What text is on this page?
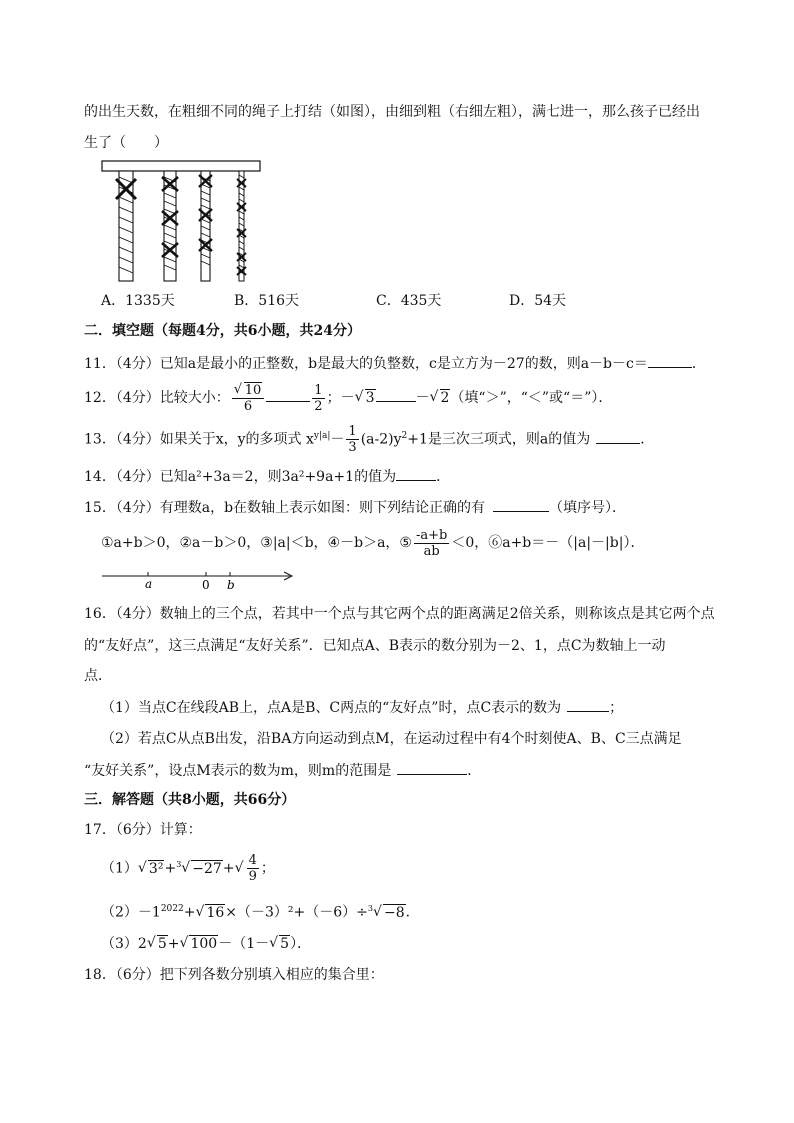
的出生天数，在粗细不同的绳子上打结（如图），由细到粗（右细左粗），满七进一，那么孩子已经出
生了（　　）
A．1335天	B．516天	C．435天	D．54天
二．填空题（每题4分，共6小题，共24分）
11．（4分）已知a是最小的正整数，b是最大的负整数，c是立方为－27的数，则a－b－c＝	．
12．（4分）比较大小：
√ $\frac{10}{6}$	$\frac{1}{2}$ ；－√ 3	－√ 2（填“＞”，“＜”或“＝”）．
13．（4分）如果关于x，y的多项式 $x^{y|a|}- \frac{1}{3} (a-2)y^2+1$是三次三项式，则a的值为	．
14．（4分）已知a²+3a＝2，则3a²+9a+1的值为	．
15．（4分）有理数a，b在数轴上表示如图：则下列结论正确的有	（填序号）．
①a+b＞0，②a－b＞0，③|a|＜b，④－b＞a，⑤ $\frac{-a+b}{ab} <0$，⑥a+b＝－（|a|－|b|）．
a	0 b
16．（4分）数轴上的三个点，若其中一个点与其它两个点的距离满足2倍关系，则称该点是其它两个点
的“友好点”，这三点满足“友好关系”．已知点A、B表示的数分别为－2、1，点C为数轴上一动
点．
（1）当点C在线段AB上，点A是B、C两点的“友好点”时，点C表示的数为	；
（2）若点C从点B出发，沿BA方向运动到点M，在运动过程中有4个时刻使A、B、C三点满足
“友好关系”，设点M表示的数为m，则m的范围是	．
三．解答题（共8小题，共66分）
17．（6分）计算：
（1）√ 3²+$^3$√ −27+
√ $\frac{4}{9}$ ；
$(2)-1^{2022}+√$ 16×（－3）²+（－6）÷$^3$√ −8．
（3）2√ 5+√ 100－（1－√ 5）．
18．（6分）把下列各数分别填入相应的集合里：
